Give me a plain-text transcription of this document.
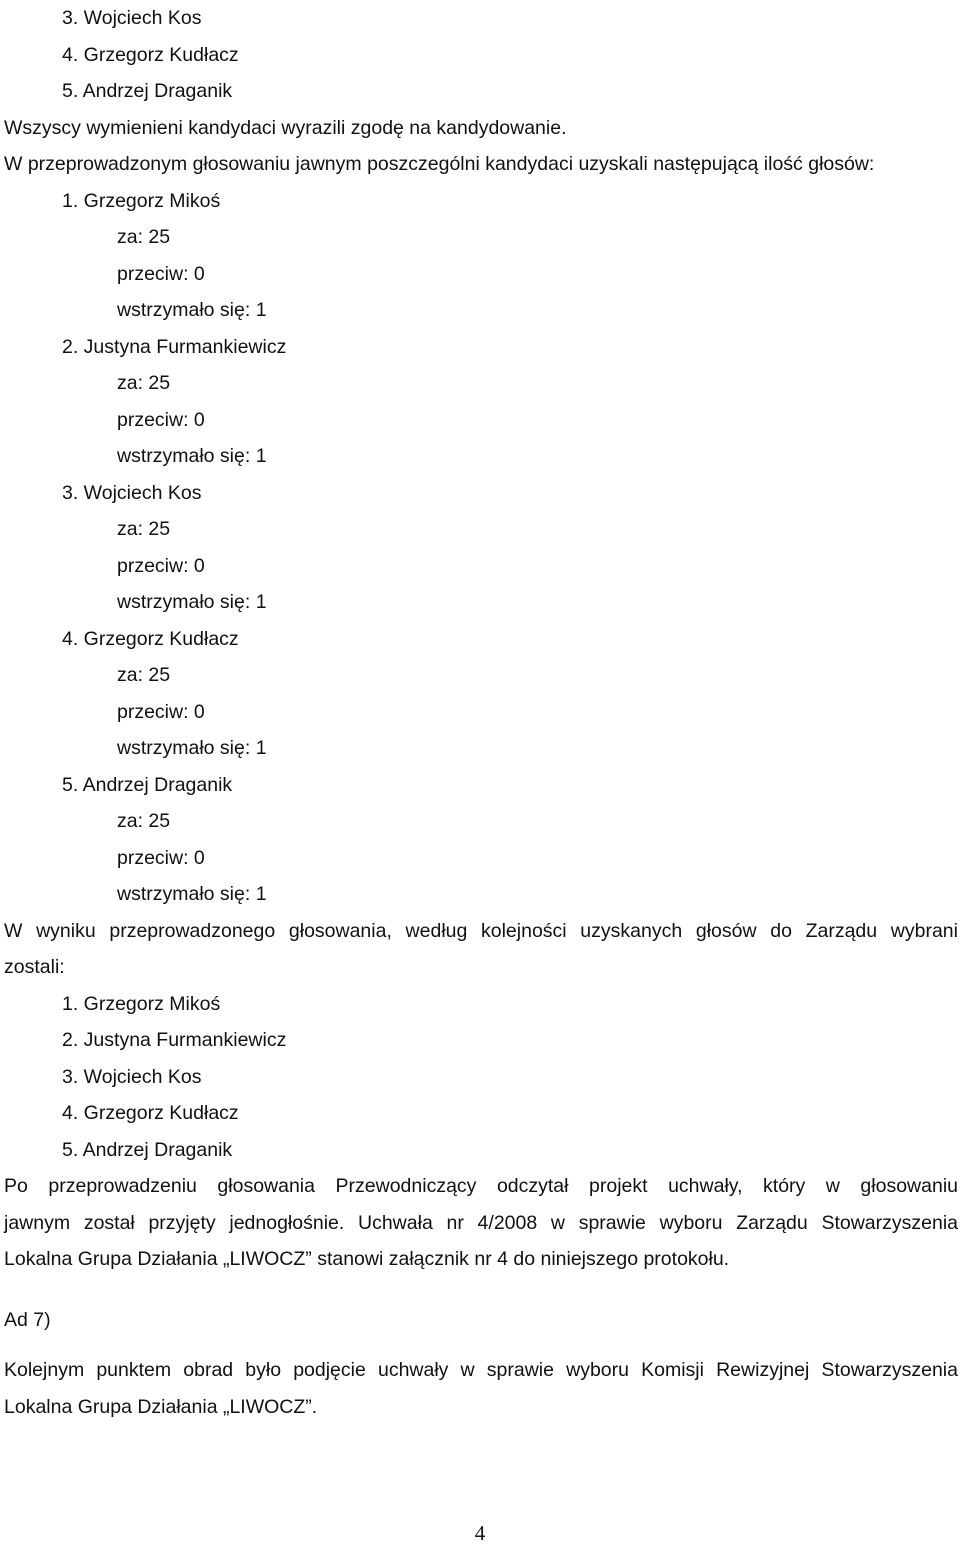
3. Wojciech Kos
4. Grzegorz Kudłacz
5. Andrzej Draganik
Wszyscy wymienieni kandydaci wyrazili zgodę na kandydowanie.
W przeprowadzonym głosowaniu jawnym poszczególni kandydaci uzyskali następującą ilość głosów:
1. Grzegorz Mikoś
za: 25
przeciw: 0
wstrzymało się: 1
2. Justyna Furmankiewicz
za: 25
przeciw: 0
wstrzymało się: 1
3. Wojciech Kos
za: 25
przeciw: 0
wstrzymało się: 1
4. Grzegorz Kudłacz
za: 25
przeciw: 0
wstrzymało się: 1
5. Andrzej Draganik
za: 25
przeciw: 0
wstrzymało się: 1
W wyniku przeprowadzonego głosowania, według kolejności uzyskanych głosów do Zarządu wybrani
zostali:
1. Grzegorz Mikoś
2. Justyna Furmankiewicz
3. Wojciech Kos
4. Grzegorz Kudłacz
5. Andrzej Draganik
Po przeprowadzeniu głosowania Przewodniczący odczytał projekt uchwały, który w głosowaniu
jawnym został przyjęty jednogłośnie. Uchwała nr 4/2008 w sprawie wyboru Zarządu Stowarzyszenia
Lokalna Grupa Działania „LIWOCZ” stanowi załącznik nr 4 do niniejszego protokołu.
Ad 7)
Kolejnym punktem obrad było podjęcie uchwały w sprawie wyboru Komisji Rewizyjnej Stowarzyszenia
Lokalna Grupa Działania „LIWOCZ”.
4
